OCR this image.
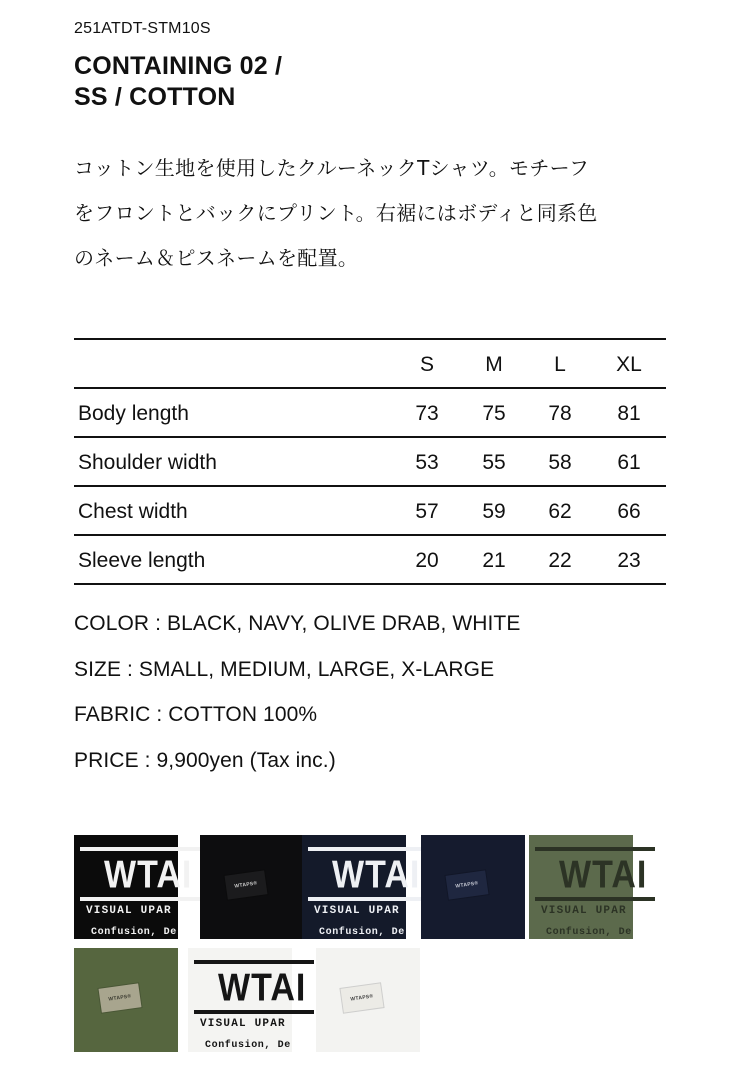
251ATDT-STM10S
CONTAINING 02 /
SS / COTTON
コットン生地を使用したクルーネックTシャツ。モチーフ
をフロントとバックにプリント。右裾にはボディと同系色
のネーム＆ピスネームを配置。
S	M	L	XL
Body length	73	75	78	81
Shoulder width	53	55	58	61
Chest width	57	59	62	66
Sleeve length	20	21	22	23
COLOR : BLACK, NAVY, OLIVE DRAB, WHITE
SIZE : SMALL, MEDIUM, LARGE, X-LARGE
FABRIC : COTTON 100%
PRICE : 9,900yen (Tax inc.)
WTAI
VISUAL UPAR
Confusion, De
WTAPS® WTAI
VISUAL UPAR
Confusion, De
WTAPS® WTAI
VISUAL UPAR
Confusion, De
WTAPS®	WTAI
VISUAL UPAR
Confusion, De
WTAPS®
